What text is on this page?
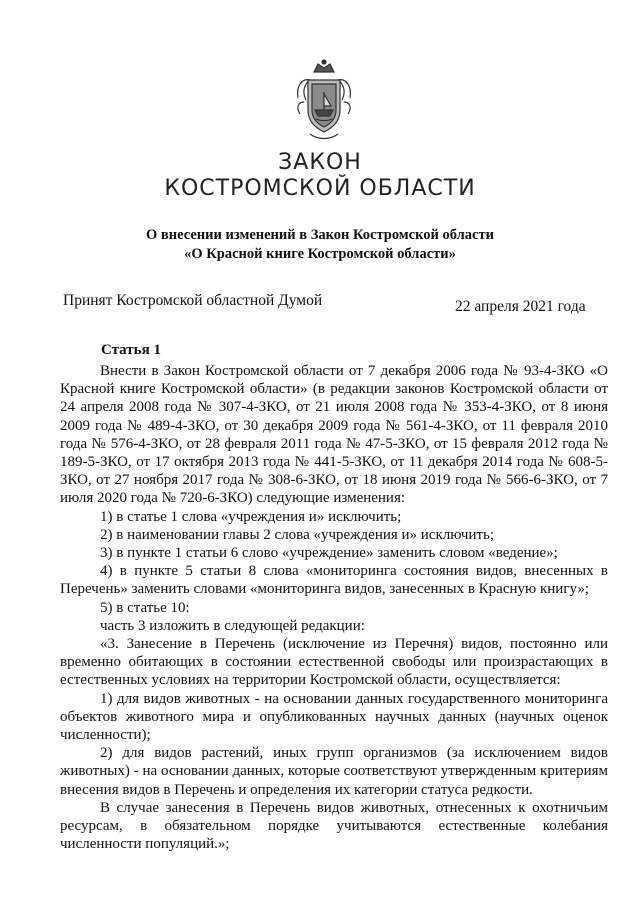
ЗАКОН
КОСТРОМСКОЙ ОБЛАСТИ
О внесении изменений в Закон Костромской области
«О Красной книге Костромской области»
Принят Костромской областной Думой	22 апреля 2021 года
Статья 1

Внести в Закон Костромской области от 7 декабря 2006 года № 93-4-ЗКО «О Красной книге Костромской области» (в редакции законов Костромской области от 24 апреля 2008 года № 307-4-ЗКО, от 21 июля 2008 года № 353-4-ЗКО, от 8 июня 2009 года № 489-4-ЗКО, от 30 декабря 2009 года № 561-4-ЗКО, от 11 февраля 2010 года № 576-4-ЗКО, от 28 февраля 2011 года № 47-5-ЗКО, от 15 февраля 2012 года № 189-5-ЗКО, от 17 октября 2013 года № 441-5-ЗКО, от 11 декабря 2014 года № 608-5-ЗКО, от 27 ноября 2017 года № 308-6-ЗКО, от 18 июня 2019 года № 566-6-ЗКО, от 7 июля 2020 года № 720-6-ЗКО) следующие изменения:

1) в статье 1 слова «учреждения и» исключить;

2) в наименовании главы 2 слова «учреждения и» исключить;

3) в пункте 1 статьи 6 слово «учреждение» заменить словом «ведение»;

4) в пункте 5 статьи 8 слова «мониторинга состояния видов, внесенных в Перечень» заменить словами «мониторинга видов, занесенных в Красную книгу»;

5) в статье 10:

часть 3 изложить в следующей редакции:

«3. Занесение в Перечень (исключение из Перечня) видов, постоянно или временно обитающих в состоянии естественной свободы или произрастающих в естественных условиях на территории Костромской области, осуществляется:

1) для видов животных - на основании данных государственного мониторинга объектов животного мира и опубликованных научных данных (научных оценок численности);

2) для видов растений, иных групп организмов (за исключением видов животных) - на основании данных, которые соответствуют утвержденным критериям внесения видов в Перечень и определения их категории статуса редкости.

В случае занесения в Перечень видов животных, отнесенных к охотничьим ресурсам, в обязательном порядке учитываются естественные колебания численности популяций.»;
